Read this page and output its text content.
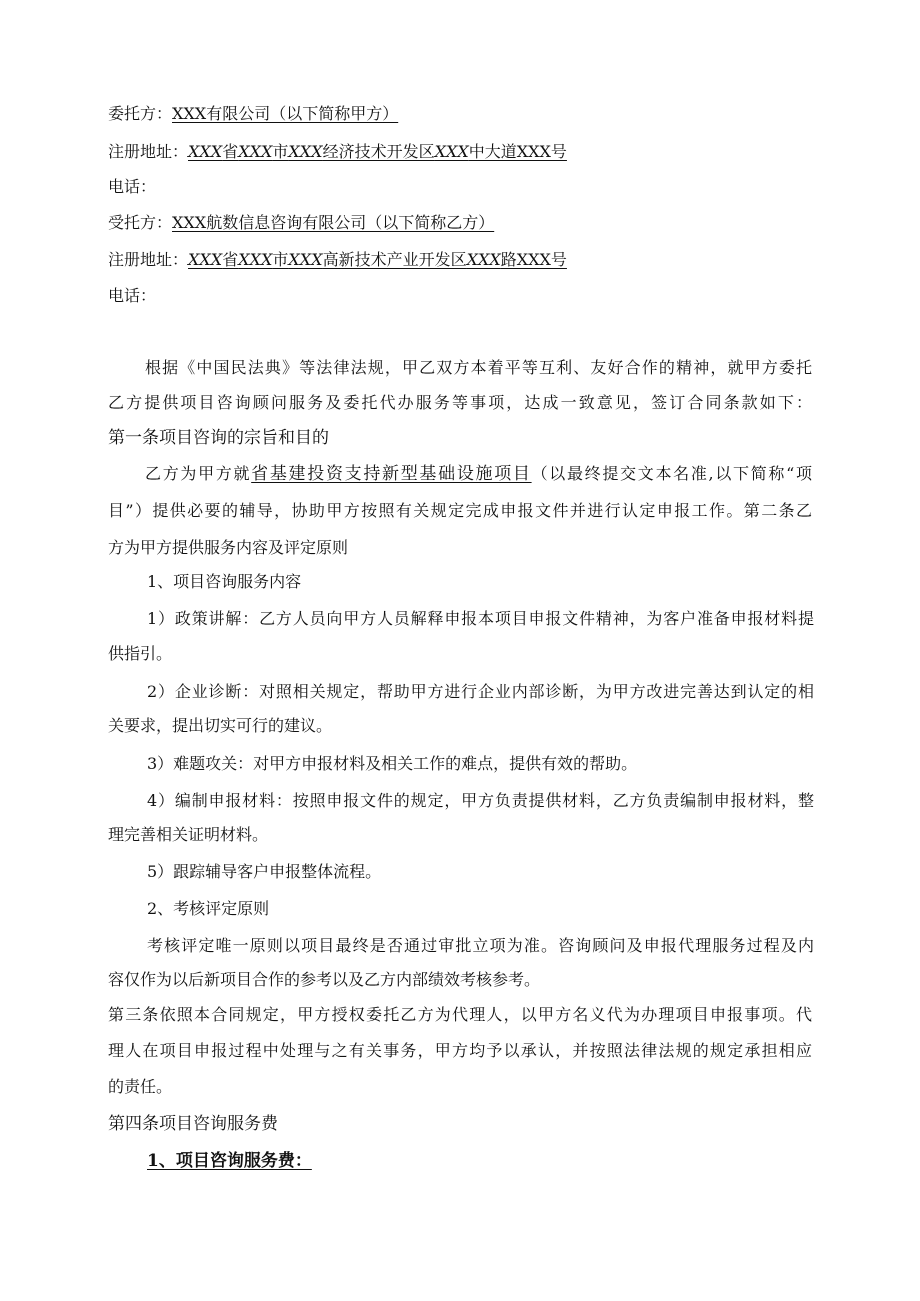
委托方：XXX有限公司（以下简称甲方）
注册地址：XXX省XXX市XXX经济技术开发区XXX中大道XXX号
电话：
受托方：XXX航数信息咨询有限公司（以下简称乙方）
注册地址：XXX省XXX市XXX高新技术产业开发区XXX路XXX号
电话：
根据《中国民法典》等法律法规，甲乙双方本着平等互利、友好合作的精神，就甲方委托
乙方提供项目咨询顾问服务及委托代办服务等事项，达成一致意见，签订合同条款如下：
第一条项目咨询的宗旨和目的
乙方为甲方就省基建投资支持新型基础设施项目（以最终提交文本名准,以下简称“项
目”）提供必要的辅导，协助甲方按照有关规定完成申报文件并进行认定申报工作。第二条乙
方为甲方提供服务内容及评定原则
1、项目咨询服务内容
1）政策讲解：乙方人员向甲方人员解释申报本项目申报文件精神，为客户准备申报材料提
供指引。
2）企业诊断：对照相关规定，帮助甲方进行企业内部诊断，为甲方改进完善达到认定的相
关要求，提出切实可行的建议。
3）难题攻关：对甲方申报材料及相关工作的难点，提供有效的帮助。
4）编制申报材料：按照申报文件的规定，甲方负责提供材料，乙方负责编制申报材料，整
理完善相关证明材料。
5）跟踪辅导客户申报整体流程。
2、考核评定原则
考核评定唯一原则以项目最终是否通过审批立项为准。咨询顾问及申报代理服务过程及内
容仅作为以后新项目合作的参考以及乙方内部绩效考核参考。
第三条依照本合同规定，甲方授权委托乙方为代理人，以甲方名义代为办理项目申报事项。代
理人在项目申报过程中处理与之有关事务，甲方均予以承认，并按照法律法规的规定承担相应
的责任。
第四条项目咨询服务费
1、项目咨询服务费：
